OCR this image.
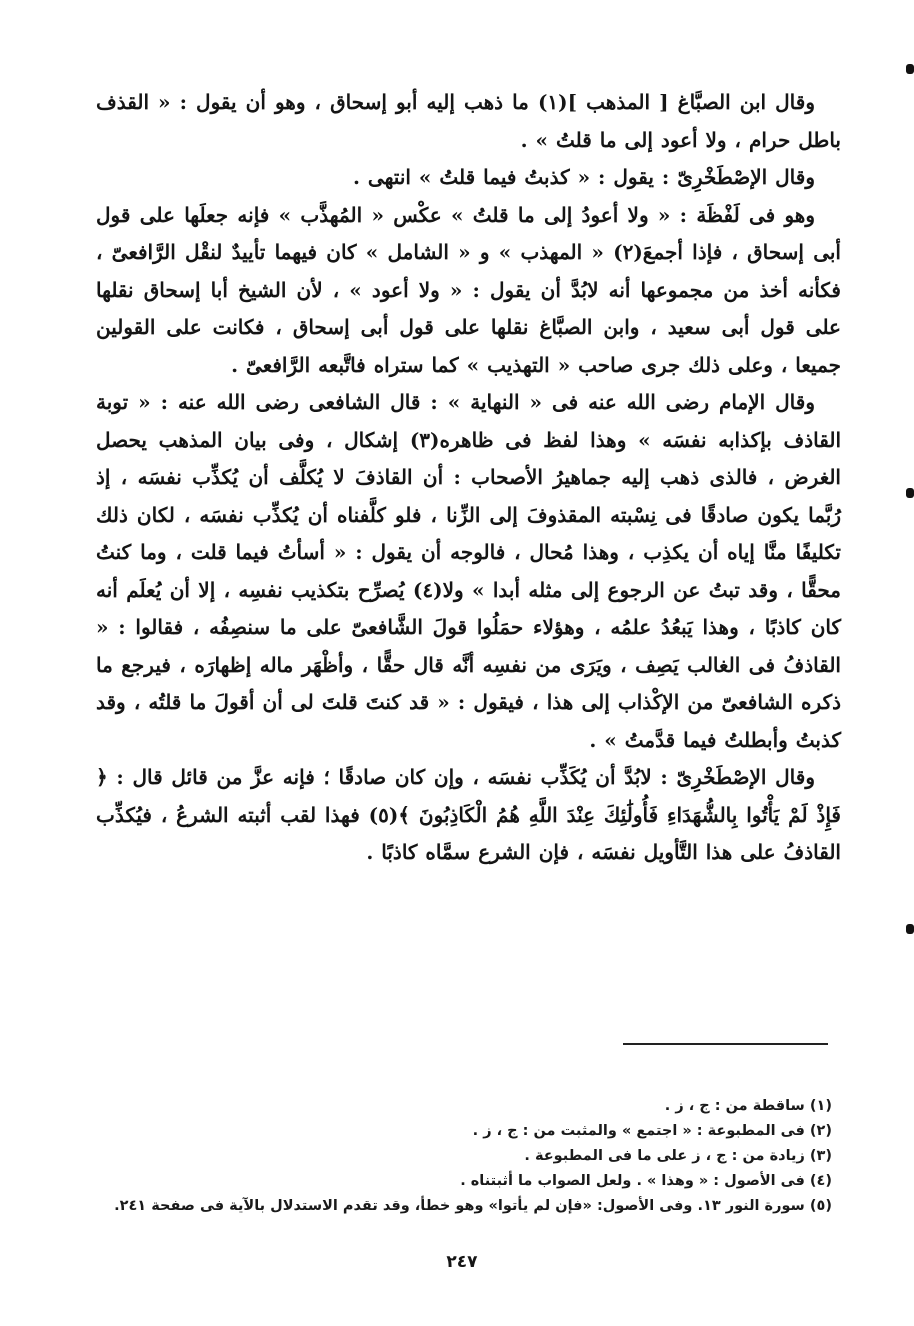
وقال ابن الصبَّاغ [ المذهب ](١) ما ذهب إليه أبو إسحاق ، وهو أن يقول : « القذف باطل حرام ، ولا أعود إلى ما قلتُ » .

وقال الإصْطَخْرِىّ : يقول : « كذبتُ فيما قلتُ » انتهى .

وهو فى لَفْظَة : « ولا أعودُ إلى ما قلتُ » عكْس « المُهذَّب » فإنه جعلَها على قول أبى إسحاق ، فإذا أجمعَ(٢) « المهذب » و « الشامل » كان فيهما تأييدٌ لنقْل الرَّافعىّ ، فكأنه أخذ من مجموعها أنه لابُدَّ أن يقول : « ولا أعود » ، لأن الشيخ أبا إسحاق نقلها على قول أبى سعيد ، وابن الصبَّاغ نقلها على قول أبى إسحاق ، فكانت على القولين جميعا ، وعلى ذلك جرى صاحب « التهذيب » كما ستراه فاتَّبعه الرَّافعىّ .

وقال الإمام رضى الله عنه فى « النهاية » : قال الشافعى رضى الله عنه : « توبة القاذف بإكذابه نفسَه » وهذا لفظ فى ظاهره(٣) إشكال ، وفى بيان المذهب يحصل الغرض ، فالذى ذهب إليه جماهيرُ الأصحاب : أن القاذفَ لا يُكلَّف أن يُكذِّب نفسَه ، إذ رُبَّما يكون صادقًا فى نِسْبته المقذوفَ إلى الزِّنا ، فلو كلَّفناه أن يُكذِّب نفسَه ، لكان ذلك تكليفًا منَّا إياه أن يكذِب ، وهذا مُحال ، فالوجه أن يقول : « أسأتُ فيما قلت ، وما كنتُ محقًّا ، وقد تبتُ عن الرجوع إلى مثله أبدا » ولا(٤) يُصرِّح بتكذيب نفسِه ، إلا أن يُعلَم أنه كان كاذبًا ، وهذا يَبعُدُ علمُه ، وهؤلاء حمَلُوا قولَ الشَّافعىّ على ما سنصِفُه ، فقالوا : « القاذفُ فى الغالب يَصِف ، ويَرَى من نفسِه أنَّه قال حقًّا ، وأظْهَر ماله إظهارَه ، فيرجع ما ذكره الشافعىّ من الإكْذاب إلى هذا ، فيقول : « قد كنتَ قلتَ لى أن أقولَ ما قلتُه ، وقد كذبتُ وأبطلتُ فيما قدَّمتُ » .

وقال الإصْطَخْرِىّ : لابُدَّ أن يُكَذِّب نفسَه ، وإن كان صادقًا ؛ فإنه عزَّ من قائل قال : ﴿ فَإِذْ لَمْ يَأْتُوا بِالشُّهَدَاءِ فَأُولَٰئِكَ عِنْدَ اللَّهِ هُمُ الْكَاذِبُونَ ﴾(٥) فهذا لقب أثبته الشرعُ ، فيُكذِّب القاذفُ على هذا التَّأويل نفسَه ، فإن الشرع سمَّاه كاذبًا .

(١) ساقطة من : ج ، ز .
(٢) فى المطبوعة : « اجتمع » والمثبت من : ج ، ز .
(٣) زيادة من : ج ، ز على ما فى المطبوعة .
(٤) فى الأصول : « وهذا » . ولعل الصواب ما أثبتناه .
(٥) سورة النور ١٣. وفى الأصول: «فإن لم يأتوا» وهو خطأ، وقد تقدم الاستدلال بالآية فى صفحة ٢٤١.
٢٤٧
